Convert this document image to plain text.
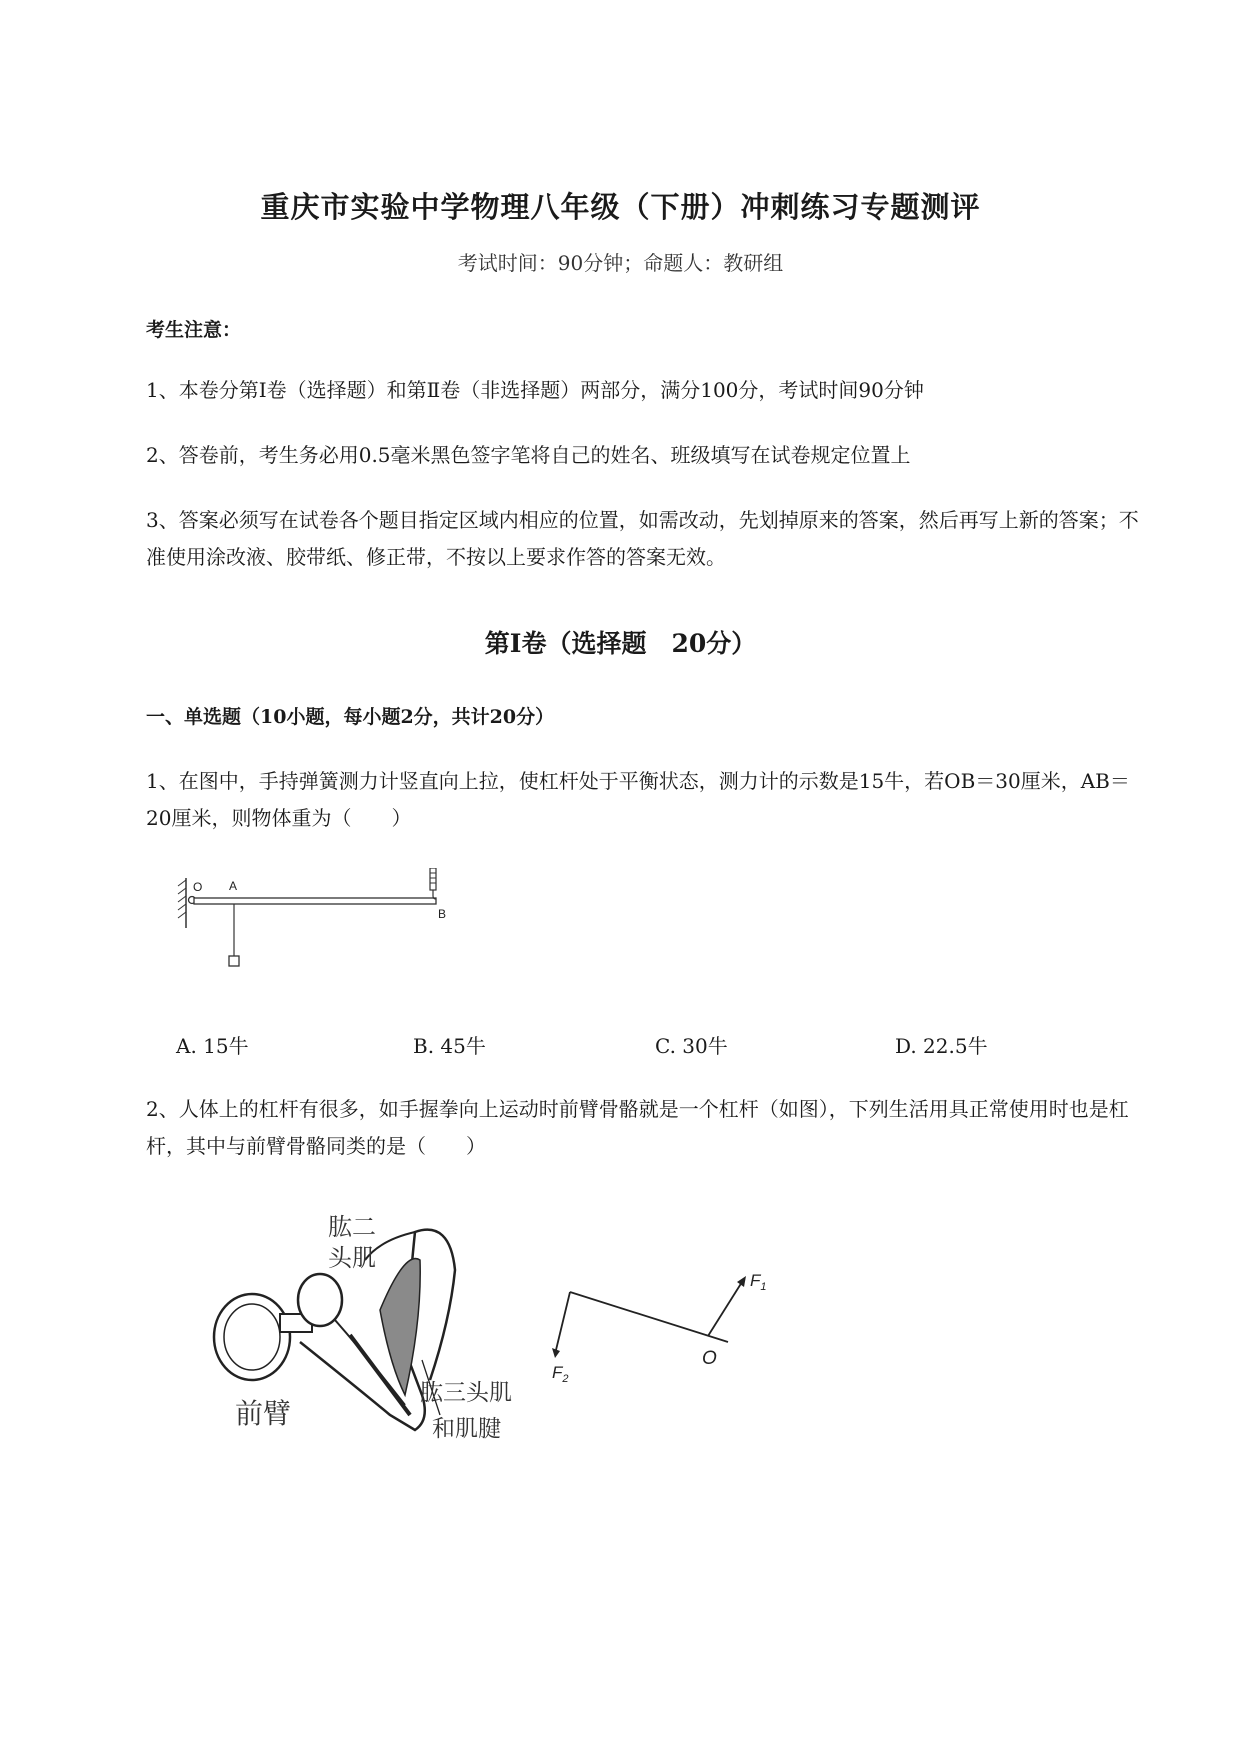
重庆市实验中学物理八年级（下册）冲刺练习专题测评
考试时间：90分钟；命题人：教研组
考生注意：
1、本卷分第Ⅰ卷（选择题）和第Ⅱ卷（非选择题）两部分，满分100分，考试时间90分钟
2、答卷前，考生务必用0.5毫米黑色签字笔将自己的姓名、班级填写在试卷规定位置上
3、答案必须写在试卷各个题目指定区域内相应的位置，如需改动，先划掉原来的答案，然后再写上新的答案；不准使用涂改液、胶带纸、修正带，不按以上要求作答的答案无效。
第Ⅰ卷（选择题　20分）
一、单选题（10小题，每小题2分，共计20分）
1、在图中，手持弹簧测力计竖直向上拉，使杠杆处于平衡状态，测力计的示数是15牛，若OB＝30厘米，AB＝20厘米，则物体重为（　　）
O A
B
A. 15牛	B. 45牛	C. 30牛	D. 22.5牛
2、人体上的杠杆有很多，如手握拳向上运动时前臂骨骼就是一个杠杆（如图），下列生活用具正常使用时也是杠杆，其中与前臂骨骼同类的是（　　）
肱二
头肌
前臂
肱三头肌
和肌腱
$F_1$
$F_2$
O
